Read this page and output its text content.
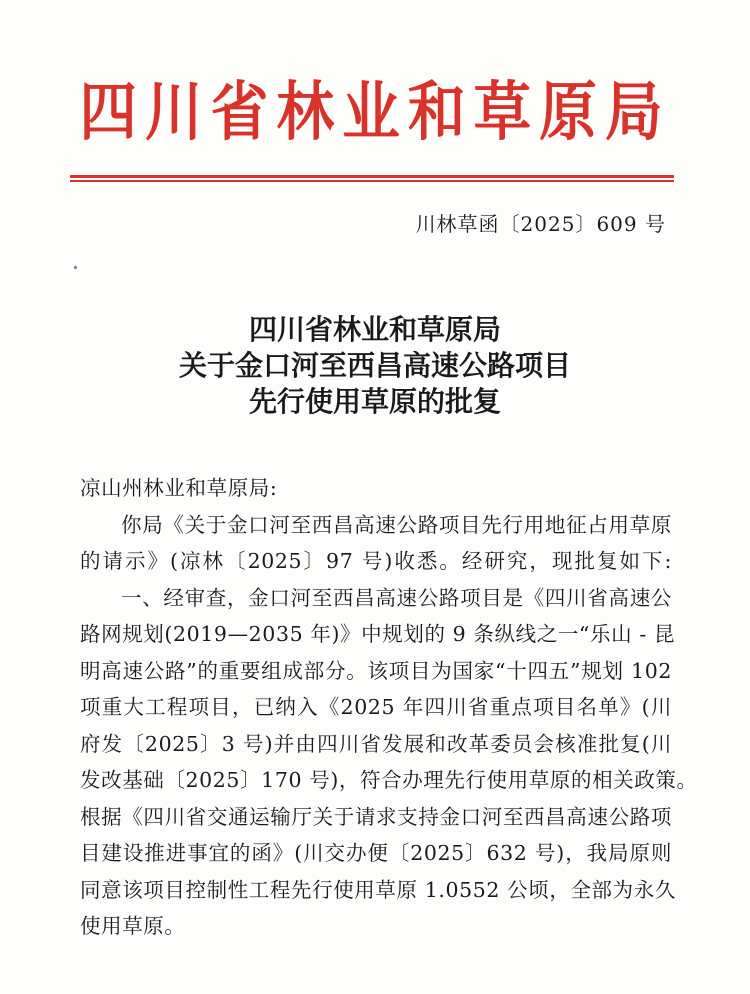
四川省林业和草原局
川林草函〔2025〕609 号
四川省林业和草原局
关于金口河至西昌高速公路项目
先行使用草原的批复
凉山州林业和草原局:
你局《关于金口河至西昌高速公路项目先行用地征占用草原
的请示》(凉林〔2025〕97 号)收悉。经研究，现批复如下:
一、经审查，金口河至西昌高速公路项目是《四川省高速公
路网规划(2019—2035 年)》中规划的 9 条纵线之一“乐山 - 昆
明高速公路”的重要组成部分。该项目为国家“十四五”规划 102
项重大工程项目，已纳入《2025 年四川省重点项目名单》(川
府发〔2025〕3 号)并由四川省发展和改革委员会核准批复(川
发改基础〔2025〕170 号)，符合办理先行使用草原的相关政策。
根据《四川省交通运输厅关于请求支持金口河至西昌高速公路项
目建设推进事宜的函》(川交办便〔2025〕632 号)，我局原则
同意该项目控制性工程先行使用草原 1.0552 公顷，全部为永久
使用草原。
